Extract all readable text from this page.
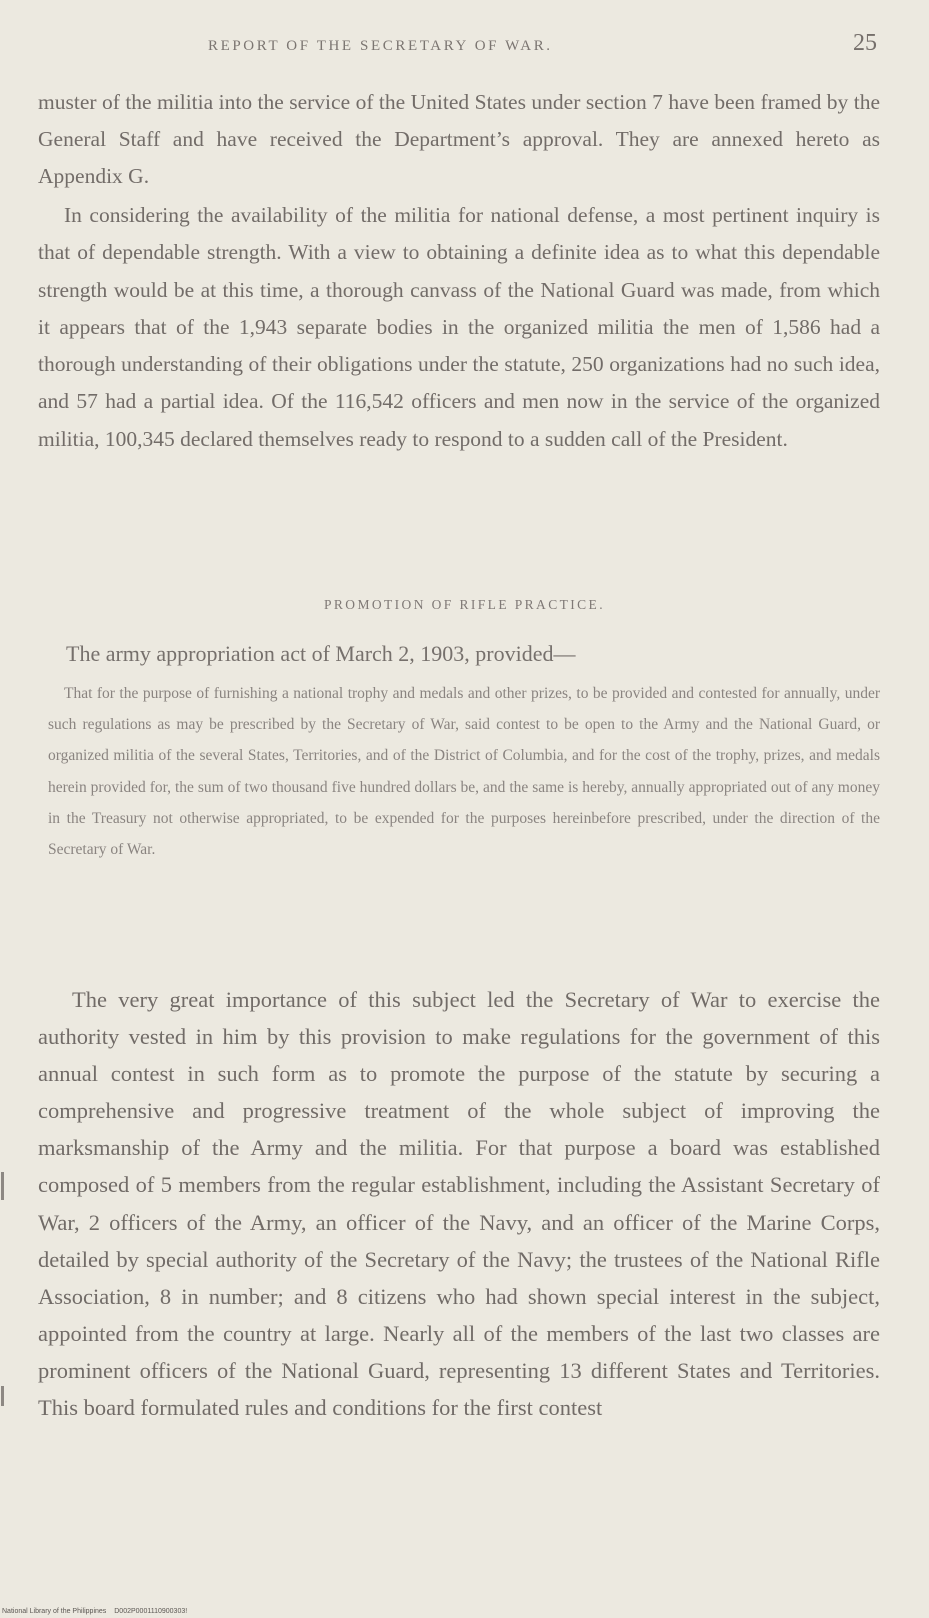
REPORT OF THE SECRETARY OF WAR.	25

muster of the militia into the service of the United States under section 7 have been framed by the General Staff and have received the Department’s approval. They are annexed hereto as Appendix G.

In considering the availability of the militia for national defense, a most pertinent inquiry is that of dependable strength. With a view to obtaining a definite idea as to what this dependable strength would be at this time, a thorough canvass of the National Guard was made, from which it appears that of the 1,943 separate bodies in the organized militia the men of 1,586 had a thorough understanding of their obligations under the statute, 250 organizations had no such idea, and 57 had a partial idea. Of the 116,542 officers and men now in the service of the organized militia, 100,345 declared themselves ready to respond to a sudden call of the President.

PROMOTION OF RIFLE PRACTICE.

The army appropriation act of March 2, 1903, provided—

That for the purpose of furnishing a national trophy and medals and other prizes, to be provided and contested for annually, under such regulations as may be prescribed by the Secretary of War, said contest to be open to the Army and the National Guard, or organized militia of the several States, Territories, and of the District of Columbia, and for the cost of the trophy, prizes, and medals herein provided for, the sum of two thousand five hundred dollars be, and the same is hereby, annually appropriated out of any money in the Treasury not otherwise appropriated, to be expended for the purposes hereinbefore prescribed, under the direction of the Secretary of War.

The very great importance of this subject led the Secretary of War to exercise the authority vested in him by this provision to make regulations for the government of this annual contest in such form as to promote the purpose of the statute by securing a comprehensive and progressive treatment of the whole subject of improving the marksmanship of the Army and the militia. For that purpose a board was established composed of 5 members from the regular establishment, including the Assistant Secretary of War, 2 officers of the Army, an officer of the Navy, and an officer of the Marine Corps, detailed by special authority of the Secretary of the Navy; the trustees of the National Rifle Association, 8 in number; and 8 citizens who had shown special interest in the subject, appointed from the country at large. Nearly all of the members of the last two classes are prominent officers of the National Guard, representing 13 different States and Territories. This board formulated rules and conditions for the first contest

National Library of the Philippines D002P0001110900303!
